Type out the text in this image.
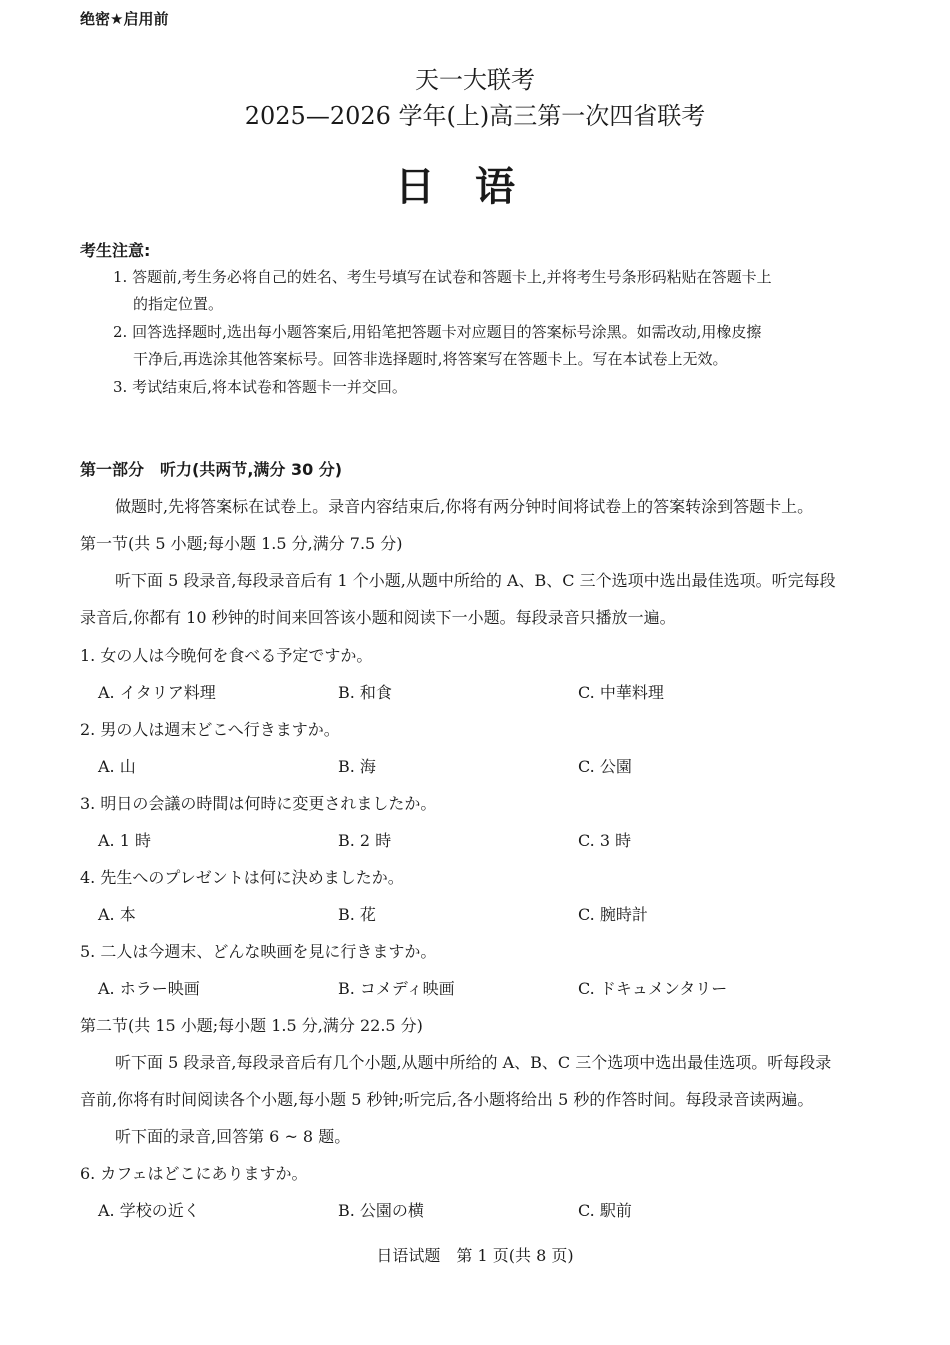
绝密★启用前
天一大联考
2025—2026 学年(上)高三第一次四省联考
日语
考生注意:
1. 答题前,考生务必将自己的姓名、考生号填写在试卷和答题卡上,并将考生号条形码粘贴在答题卡上
的指定位置。
2. 回答选择题时,选出每小题答案后,用铅笔把答题卡对应题目的答案标号涂黑。如需改动,用橡皮擦
干净后,再选涂其他答案标号。回答非选择题时,将答案写在答题卡上。写在本试卷上无效。
3. 考试结束后,将本试卷和答题卡一并交回。
第一部分　听力(共两节,满分 30 分)
做题时,先将答案标在试卷上。录音内容结束后,你将有两分钟时间将试卷上的答案转涂到答题卡上。
第一节(共 5 小题;每小题 1.5 分,满分 7.5 分)
听下面 5 段录音,每段录音后有 1 个小题,从题中所给的 A、B、C 三个选项中选出最佳选项。听完每段
录音后,你都有 10 秒钟的时间来回答该小题和阅读下一小题。每段录音只播放一遍。
1. 女の人は今晩何を食べる予定ですか。
A. イタリア料理	B. 和食	C. 中華料理
2. 男の人は週末どこへ行きますか。
A. 山	B. 海	C. 公園
3. 明日の会議の時間は何時に変更されましたか。
A. 1 時	B. 2 時	C. 3 時
4. 先生へのプレゼントは何に決めましたか。
A. 本	B. 花	C. 腕時計
5. 二人は今週末、どんな映画を見に行きますか。
A. ホラー映画	B. コメディ映画	C. ドキュメンタリー
第二节(共 15 小题;每小题 1.5 分,满分 22.5 分)
听下面 5 段录音,每段录音后有几个小题,从题中所给的 A、B、C 三个选项中选出最佳选项。听每段录
音前,你将有时间阅读各个小题,每小题 5 秒钟;听完后,各小题将给出 5 秒的作答时间。每段录音读两遍。
听下面的录音,回答第 6 ~ 8 题。
6. カフェはどこにありますか。
A. 学校の近く	B. 公園の横	C. 駅前
日语试题　第 1 页(共 8 页)
